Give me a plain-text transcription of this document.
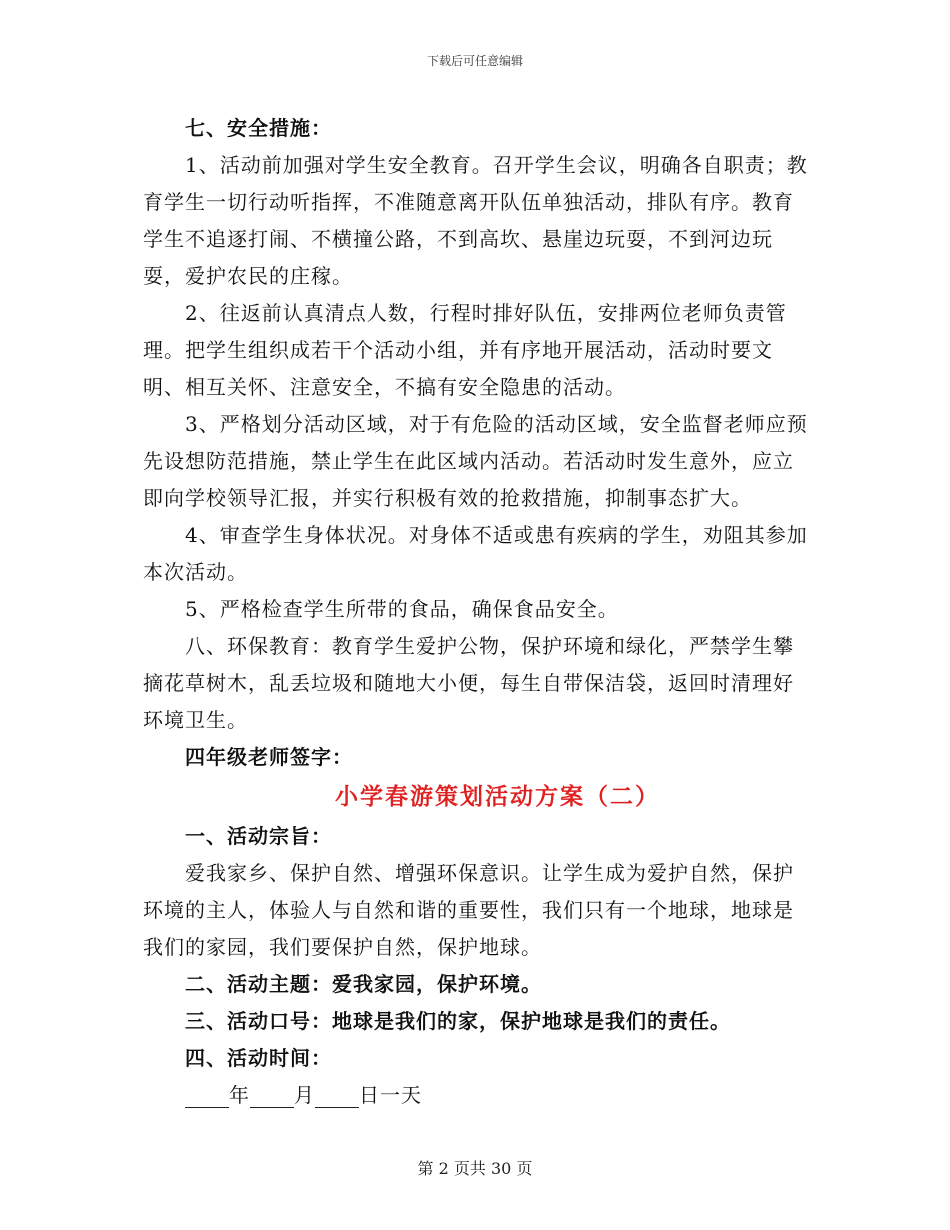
下载后可任意编辑

七、安全措施：

1、活动前加强对学生安全教育。召开学生会议，明确各自职责；教育学生一切行动听指挥，不准随意离开队伍单独活动，排队有序。教育学生不追逐打闹、不横撞公路，不到高坎、悬崖边玩耍，不到河边玩耍，爱护农民的庄稼。

2、往返前认真清点人数，行程时排好队伍，安排两位老师负责管理。把学生组织成若干个活动小组，并有序地开展活动，活动时要文明、相互关怀、注意安全，不搞有安全隐患的活动。

3、严格划分活动区域，对于有危险的活动区域，安全监督老师应预先设想防范措施，禁止学生在此区域内活动。若活动时发生意外，应立即向学校领导汇报，并实行积极有效的抢救措施，抑制事态扩大。

4、审查学生身体状况。对身体不适或患有疾病的学生，劝阻其参加本次活动。

5、严格检查学生所带的食品，确保食品安全。

八、环保教育：教育学生爱护公物，保护环境和绿化，严禁学生攀摘花草树木，乱丢垃圾和随地大小便，每生自带保洁袋，返回时清理好环境卫生。

四年级老师签字：

小学春游策划活动方案（二）

一、活动宗旨：

爱我家乡、保护自然、增强环保意识。让学生成为爱护自然，保护环境的主人，体验人与自然和谐的重要性，我们只有一个地球，地球是我们的家园，我们要保护自然，保护地球。

二、活动主题：爱我家园，保护环境。

三、活动口号：地球是我们的家，保护地球是我们的责任。

四、活动时间：

年 月 日一天

第 2 页共 30 页
